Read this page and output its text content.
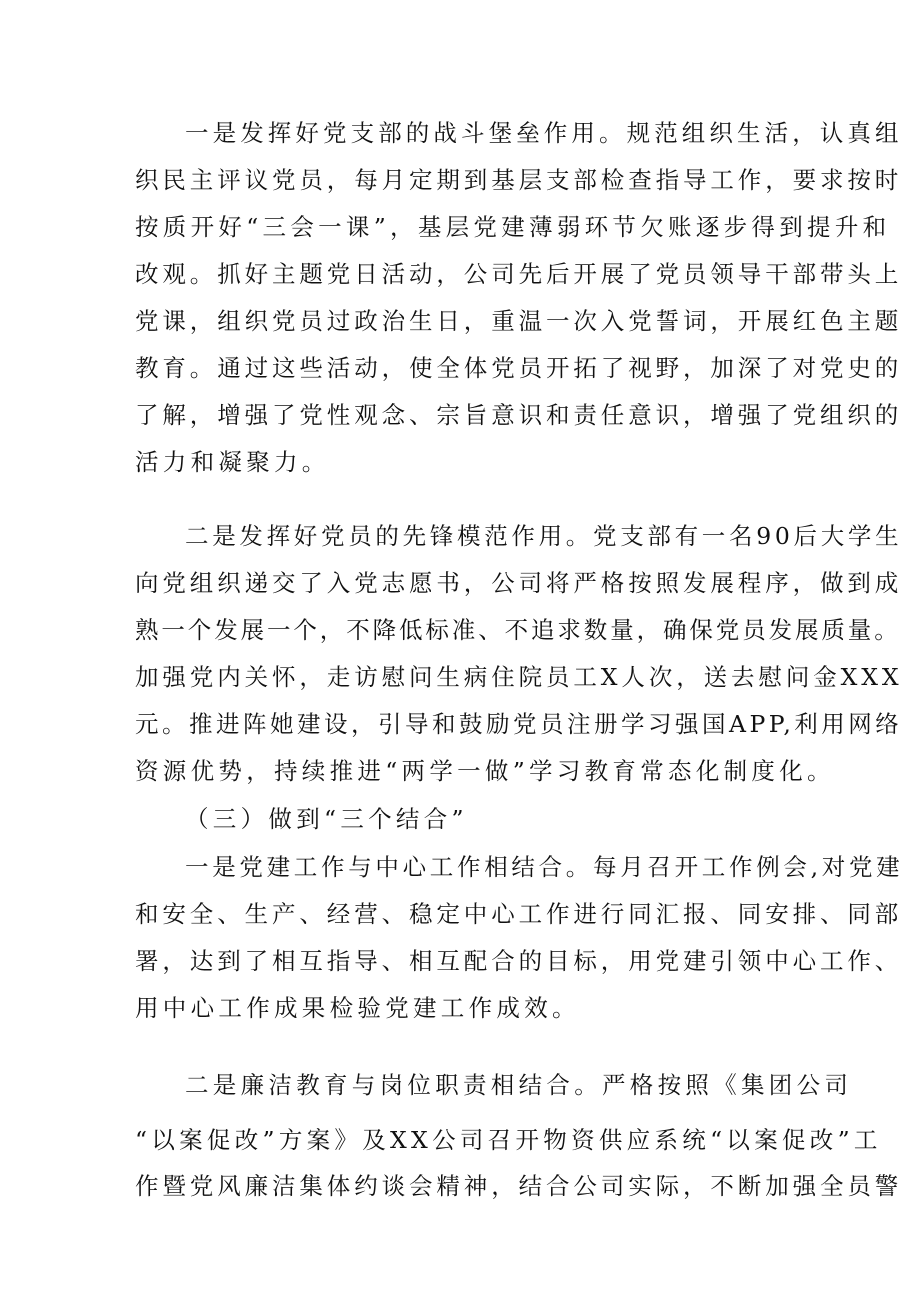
一是发挥好党支部的战斗堡垒作用。规范组织生活，认真组
织民主评议党员，每月定期到基层支部检查指导工作，要求按时
按质开好“三会一课”，基层党建薄弱环节欠账逐步得到提升和
改观。抓好主题党日活动，公司先后开展了党员领导干部带头上
党课，组织党员过政治生日，重温一次入党誓词，开展红色主题
教育。通过这些活动，使全体党员开拓了视野，加深了对党史的
了解，增强了党性观念、宗旨意识和责任意识，增强了党组织的
活力和凝聚力。
二是发挥好党员的先锋模范作用。党支部有一名90后大学生
向党组织递交了入党志愿书，公司将严格按照发展程序，做到成
熟一个发展一个，不降低标准、不追求数量，确保党员发展质量。
加强党内关怀，走访慰问生病住院员工X人次，送去慰问金XXX
元。推进阵她建设，引导和鼓励党员注册学习强国APP,利用网络
资源优势，持续推进“两学一做”学习教育常态化制度化。
（三）做到“三个结合”
一是党建工作与中心工作相结合。每月召开工作例会,对党建
和安全、生产、经营、稳定中心工作进行同汇报、同安排、同部
署，达到了相互指导、相互配合的目标，用党建引领中心工作、
用中心工作成果检验党建工作成效。
二是廉洁教育与岗位职责相结合。严格按照《集团公司
“以案促改”方案》及XX公司召开物资供应系统“以案促改”工
作暨党风廉洁集体约谈会精神，结合公司实际，不断加强全员警
